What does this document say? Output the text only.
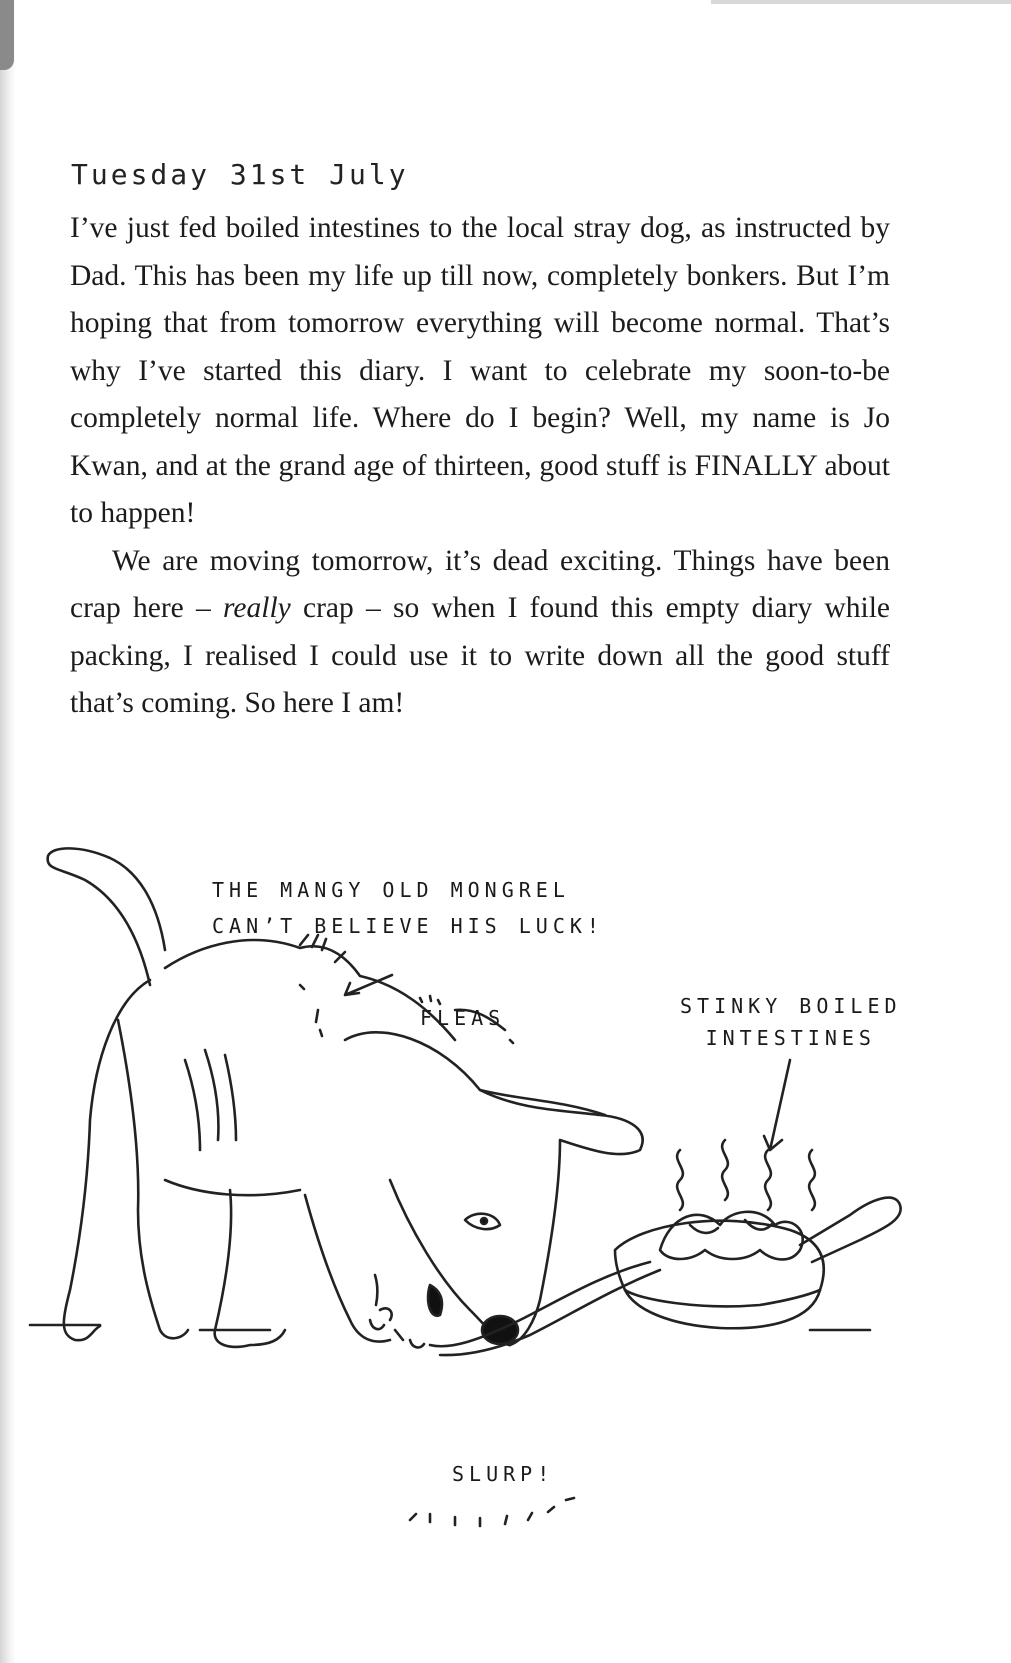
Tuesday 31st July

I’ve just fed boiled intestines to the local stray dog, as instructed by Dad. This has been my life up till now, completely bonkers. But I’m hoping that from tomorrow everything will become normal. That’s why I’ve started this diary. I want to celebrate my soon-to-be completely normal life. Where do I begin? Well, my name is Jo Kwan, and at the grand age of thirteen, good stuff is FINALLY about to happen!

We are moving tomorrow, it’s dead exciting. Things have been crap here – really crap – so when I found this empty diary while packing, I realised I could use it to write down all the good stuff that’s coming. So here I am!

THE MANGY OLD MONGREL
CAN’T BELIEVE HIS LUCK!
FLEAS	STINKY BOILED
INTESTINES
SLURP!
